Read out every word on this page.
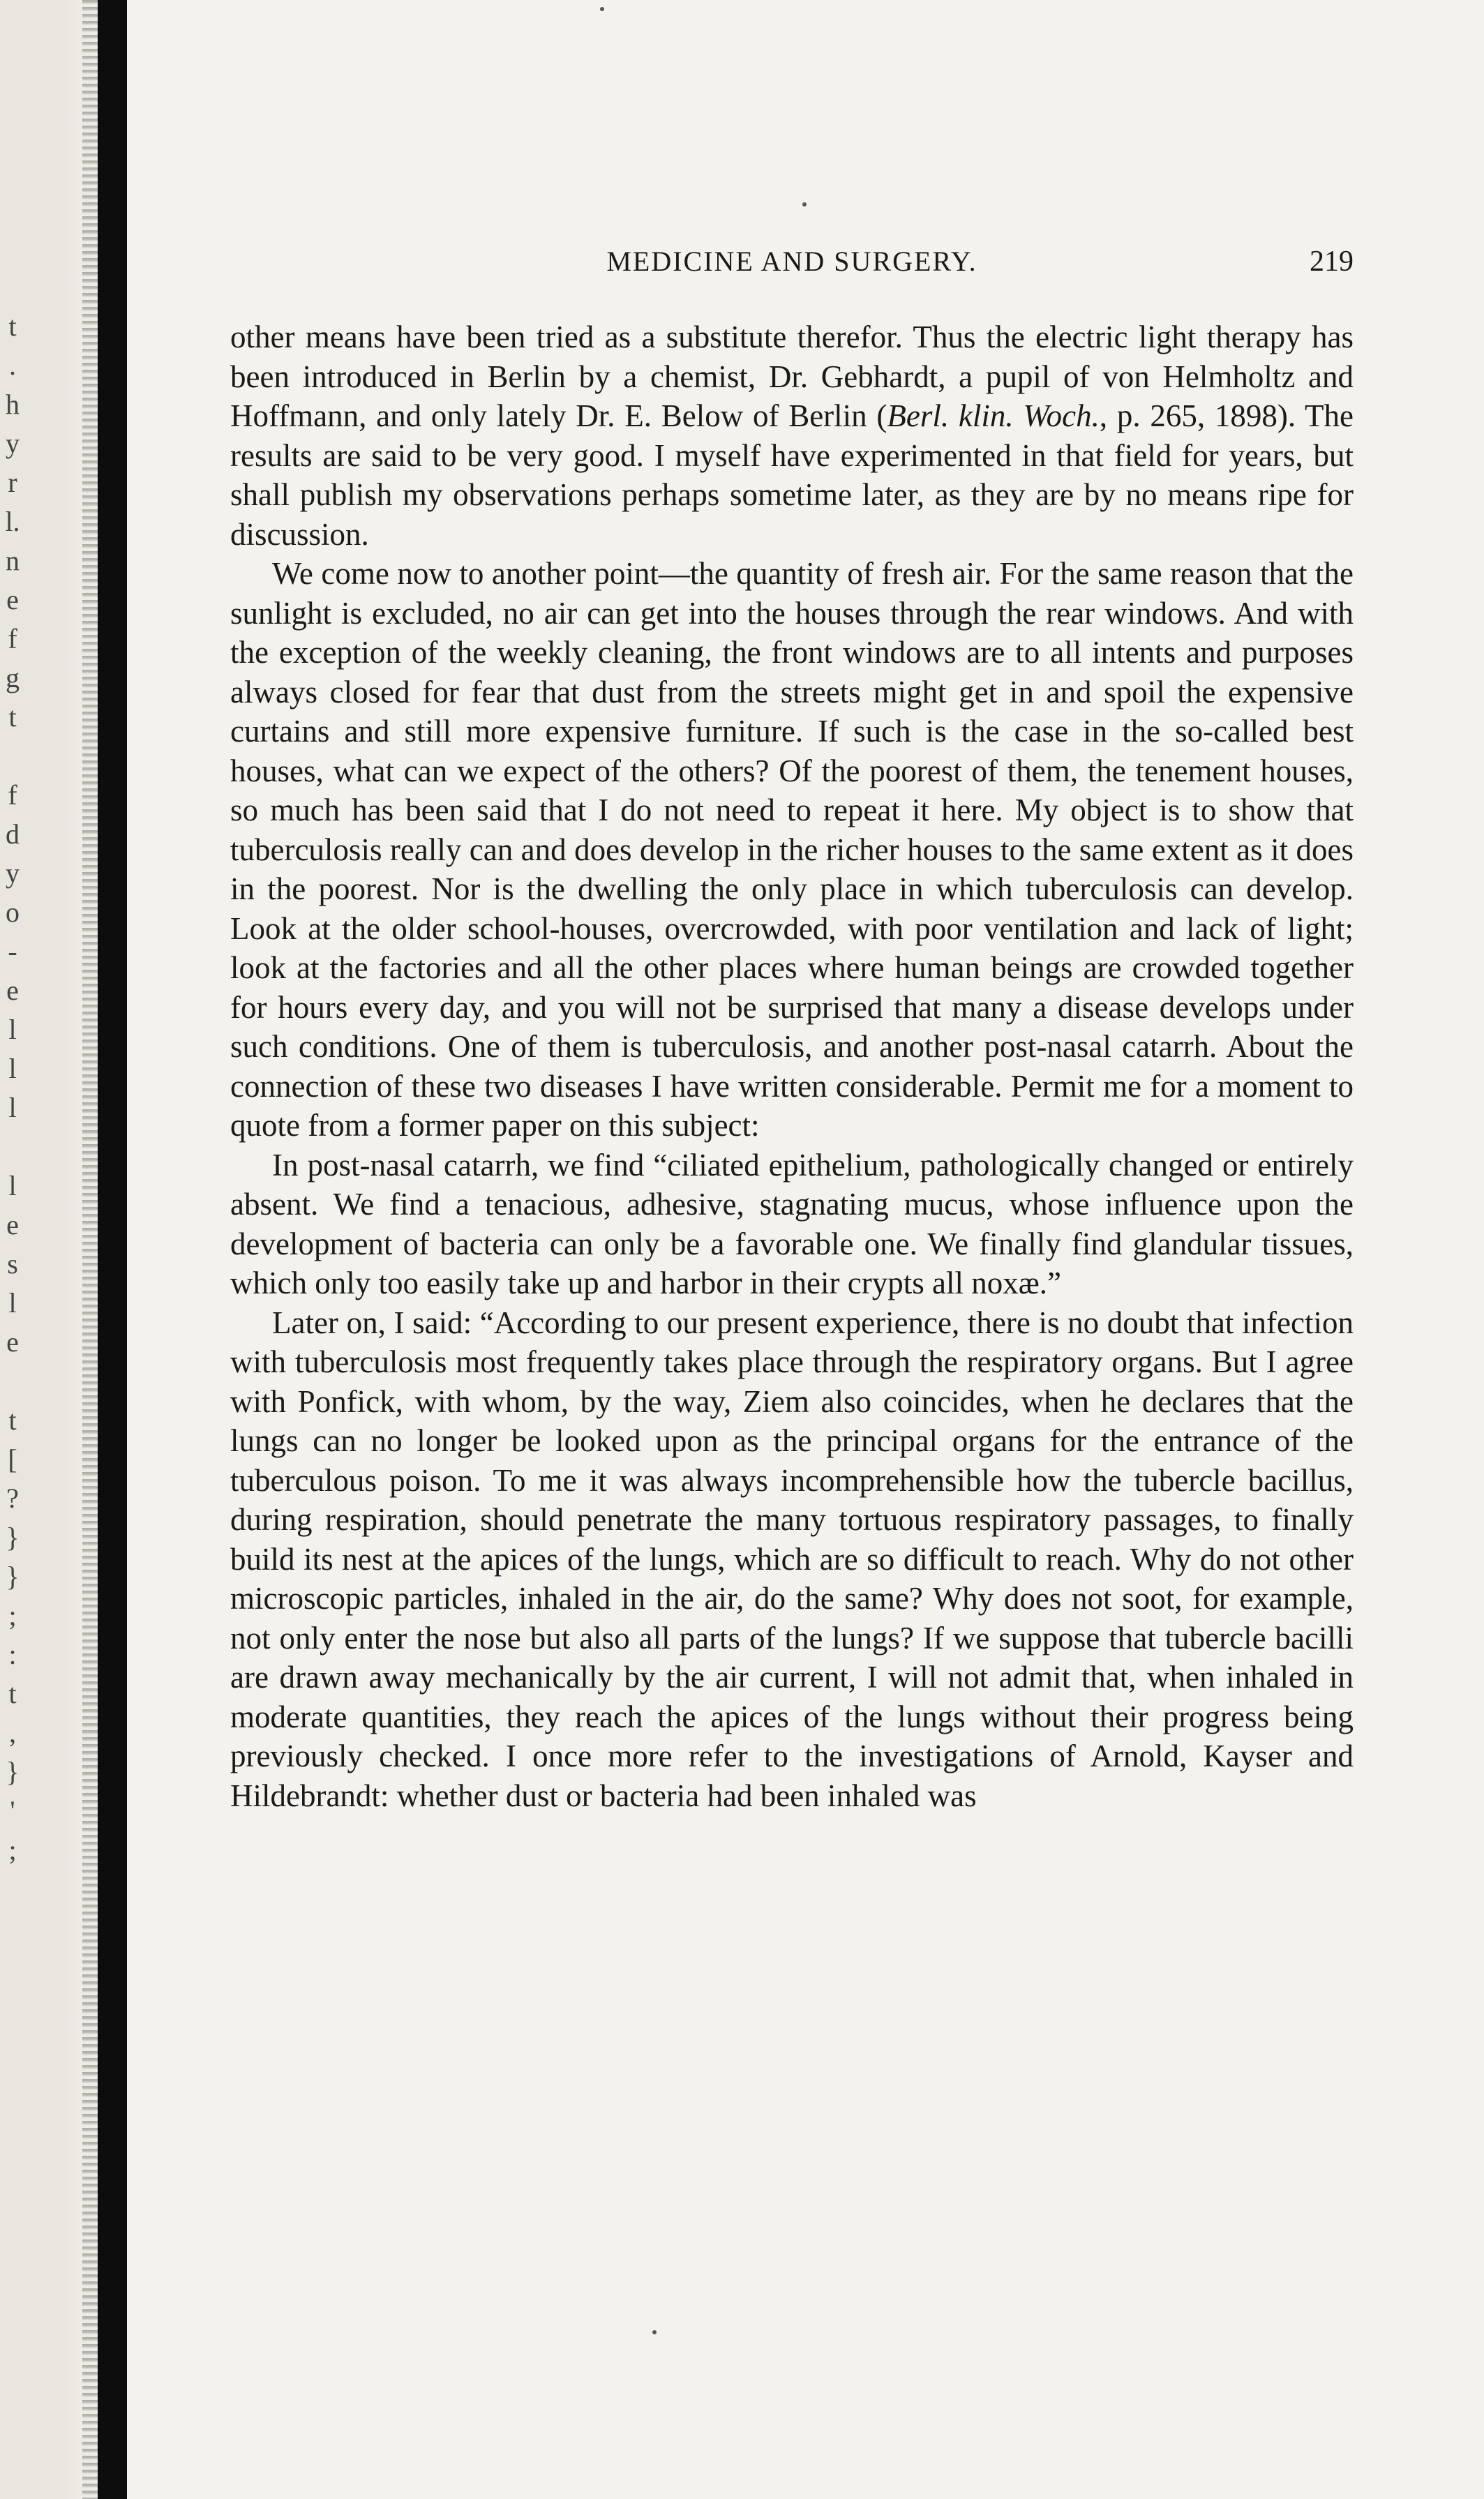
t
.
h
y
r
l.
n
e
f
g
t
f
d
y
o
-
e
l
l
l
l
e
s
l
e
t
[
?
}
}
;
:
t
,
}
'
;
MEDICINE AND SURGERY.	219

other means have been tried as a substitute therefor. Thus the electric light therapy has been introduced in Berlin by a chemist, Dr. Gebhardt, a pupil of von Helmholtz and Hoffmann, and only lately Dr. E. Below of Berlin (Berl. klin. Woch., p. 265, 1898). The results are said to be very good. I myself have experimented in that field for years, but shall publish my observations perhaps sometime later, as they are by no means ripe for discussion.

We come now to another point—the quantity of fresh air. For the same reason that the sunlight is excluded, no air can get into the houses through the rear windows. And with the exception of the weekly cleaning, the front windows are to all intents and purposes always closed for fear that dust from the streets might get in and spoil the expensive curtains and still more expensive furniture. If such is the case in the so-called best houses, what can we expect of the others? Of the poorest of them, the tenement houses, so much has been said that I do not need to repeat it here. My object is to show that tuberculosis really can and does develop in the richer houses to the same extent as it does in the poorest. Nor is the dwelling the only place in which tuberculosis can develop. Look at the older school-houses, overcrowded, with poor ventilation and lack of light; look at the factories and all the other places where human beings are crowded together for hours every day, and you will not be surprised that many a disease develops under such conditions. One of them is tuberculosis, and another post-nasal catarrh. About the connection of these two diseases I have written considerable. Permit me for a moment to quote from a former paper on this subject:

In post-nasal catarrh, we find “ciliated epithelium, pathologically changed or entirely absent. We find a tenacious, adhesive, stagnating mucus, whose influence upon the development of bacteria can only be a favorable one. We finally find glandular tissues, which only too easily take up and harbor in their crypts all noxæ.”

Later on, I said: “According to our present experience, there is no doubt that infection with tuberculosis most frequently takes place through the respiratory organs. But I agree with Ponfick, with whom, by the way, Ziem also coincides, when he declares that the lungs can no longer be looked upon as the principal organs for the entrance of the tuberculous poison. To me it was always incomprehensible how the tubercle bacillus, during respiration, should penetrate the many tortuous respiratory passages, to finally build its nest at the apices of the lungs, which are so difficult to reach. Why do not other microscopic particles, inhaled in the air, do the same? Why does not soot, for example, not only enter the nose but also all parts of the lungs? If we suppose that tubercle bacilli are drawn away mechanically by the air current, I will not admit that, when inhaled in moderate quantities, they reach the apices of the lungs without their progress being previously checked. I once more refer to the investigations of Arnold, Kayser and Hildebrandt: whether dust or bacteria had been inhaled was
